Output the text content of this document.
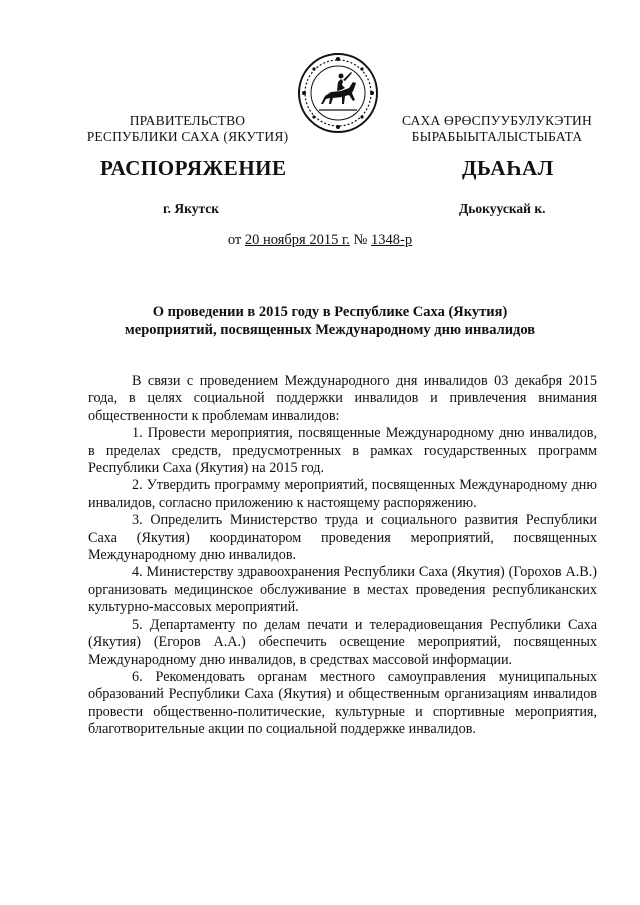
ПРАВИТЕЛЬСТВО
РЕСПУБЛИКИ САХА (ЯКУТИЯ)
САХА ӨРӨСПУУБУЛУКЭТИН
БЫРАБЫЫТАЛЫСТЫБАТА
РАСПОРЯЖЕНИЕ	ДЬАҺАЛ
г. Якутск	Дьокуускай к.
от 20 ноября 2015 г. № 1348-р
О проведении в 2015 году в Республике Саха (Якутия)
мероприятий, посвященных Международному дню инвалидов

В связи с проведением Международного дня инвалидов 03 декабря 2015 года, в целях социальной поддержки инвалидов и привлечения внимания общественности к проблемам инвалидов:

1. Провести мероприятия, посвященные Международному дню инвалидов, в пределах средств, предусмотренных в рамках государственных программ Республики Саха (Якутия) на 2015 год.

2. Утвердить программу мероприятий, посвященных Международному дню инвалидов, согласно приложению к настоящему распоряжению.

3. Определить Министерство труда и социального развития Республики Саха (Якутия) координатором проведения мероприятий, посвященных Международному дню инвалидов.

4. Министерству здравоохранения Республики Саха (Якутия) (Горохов А.В.) организовать медицинское обслуживание в местах проведения республиканских культурно-массовых мероприятий.

5. Департаменту по делам печати и телерадиовещания Республики Саха (Якутия) (Егоров А.А.) обеспечить освещение мероприятий, посвященных Международному дню инвалидов, в средствах массовой информации.

6. Рекомендовать органам местного самоуправления муниципальных образований Республики Саха (Якутия) и общественным организациям инвалидов провести общественно-политические, культурные и спортивные мероприятия, благотворительные акции по социальной поддержке инвалидов.
